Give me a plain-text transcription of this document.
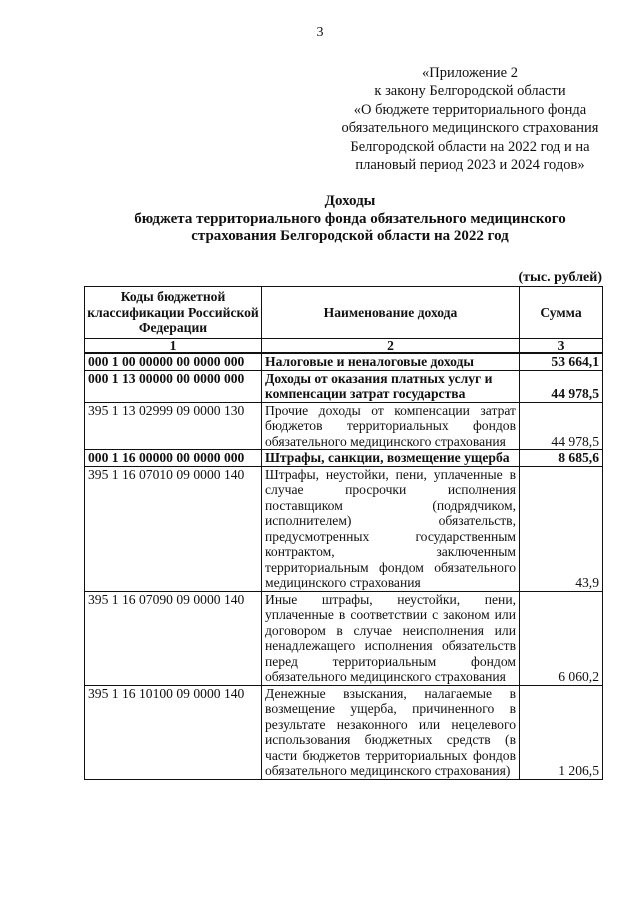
3
«Приложение 2
к закону Белгородской области
«О бюджете территориального фонда
обязательного медицинского страхования
Белгородской области на 2022 год и на
плановый период 2023 и 2024 годов»
Доходы
бюджета территориального фонда обязательного медицинского
страхования Белгородской области на 2022 год
(тыс. рублей)
Коды бюджетной классификации Российской Федерации	Наименование дохода	Сумма
1	2	3
000 1 00 00000 00 0000 000	Налоговые и неналоговые доходы	53 664,1
000 1 13 00000 00 0000 000	Доходы от оказания платных услуг и компенсации затрат государства	44 978,5
395 1 13 02999 09 0000 130	Прочие доходы от компенсации затрат бюджетов территориальных фондов обязательного медицинского страхования	44 978,5
000 1 16 00000 00 0000 000	Штрафы, санкции, возмещение ущерба	8 685,6
395 1 16 07010 09 0000 140	Штрафы, неустойки, пени, уплаченные в случае просрочки исполнения поставщиком (подрядчиком, исполнителем) обязательств, предусмотренных государственным контрактом, заключенным территориальным фондом обязательного медицинского страхования	43,9
395 1 16 07090 09 0000 140	Иные штрафы, неустойки, пени, уплаченные в соответствии с законом или договором в случае неисполнения или ненадлежащего исполнения обязательств перед территориальным фондом обязательного медицинского страхования	6 060,2
395 1 16 10100 09 0000 140	Денежные взыскания, налагаемые в возмещение ущерба, причиненного в результате незаконного или нецелевого использования бюджетных средств (в части бюджетов территориальных фондов обязательного медицинского страхования)	1 206,5
